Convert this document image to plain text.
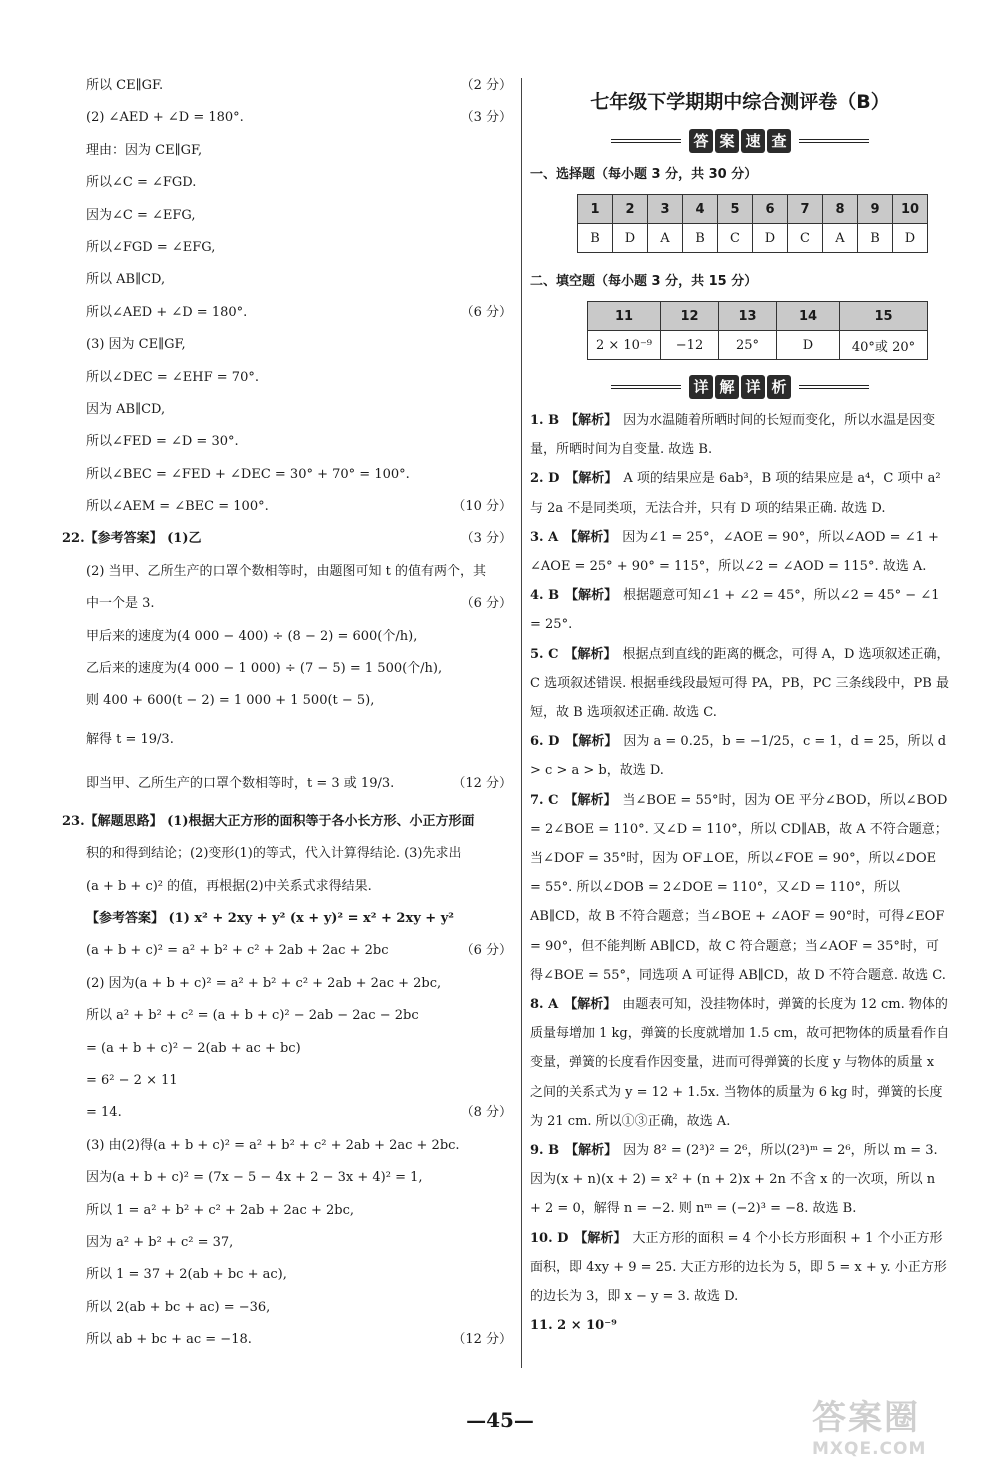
所以 CE∥GF.	（2 分）
(2) ∠AED + ∠D = 180°.	（3 分）
理由：因为 CE∥GF,
所以∠C = ∠FGD.
因为∠C = ∠EFG,
所以∠FGD = ∠EFG,
所以 AB∥CD,
所以∠AED + ∠D = 180°.	（6 分）
(3) 因为 CE∥GF,
所以∠DEC = ∠EHF = 70°.
因为 AB∥CD,
所以∠FED = ∠D = 30°.
所以∠BEC = ∠FED + ∠DEC = 30° + 70° = 100°.
所以∠AEM = ∠BEC = 100°.	（10 分）
22.【参考答案】 (1)乙	（3 分）
(2) 当甲、乙所生产的口罩个数相等时，由题图可知 t 的值有两个，其
中一个是 3.	（6 分）
甲后来的速度为(4 000 − 400) ÷ (8 − 2) = 600(个/h),
乙后来的速度为(4 000 − 1 000) ÷ (7 − 5) = 1 500(个/h),
则 400 + 600(t − 2) = 1 000 + 1 500(t − 5),
解得 t = 19/3.
即当甲、乙所生产的口罩个数相等时，t = 3 或 19/3.	（12 分）
23.【解题思路】 (1)根据大正方形的面积等于各小长方形、小正方形面
积的和得到结论；(2)变形(1)的等式，代入计算得结论. (3)先求出
(a + b + c)² 的值，再根据(2)中关系式求得结果.
【参考答案】 (1) x² + 2xy + y² (x + y)² = x² + 2xy + y²
(a + b + c)² = a² + b² + c² + 2ab + 2ac + 2bc	（6 分）
(2) 因为(a + b + c)² = a² + b² + c² + 2ab + 2ac + 2bc,
所以 a² + b² + c² = (a + b + c)² − 2ab − 2ac − 2bc
= (a + b + c)² − 2(ab + ac + bc)
= 6² − 2 × 11
= 14.	（8 分）
(3) 由(2)得(a + b + c)² = a² + b² + c² + 2ab + 2ac + 2bc.
因为(a + b + c)² = (7x − 5 − 4x + 2 − 3x + 4)² = 1,
所以 1 = a² + b² + c² + 2ab + 2ac + 2bc,
因为 a² + b² + c² = 37,
所以 1 = 37 + 2(ab + bc + ac),
所以 2(ab + bc + ac) = −36,
所以 ab + bc + ac = −18.	（12 分）
七年级下学期期中综合测评卷（B）
答 案 速 查
一、选择题（每小题 3 分，共 30 分）
1	2	3	4	5	6	7	8	9	10
B	D	A	B	C	D	C	A	B	D
二、填空题（每小题 3 分，共 15 分）
11	12	13	14	15
2 × 10⁻⁹	−12	25°	D	40°或 20°
详 解 详 析

1. B 【解析】 因为水温随着所晒时间的长短而变化，所以水温是因变量，所晒时间为自变量. 故选 B.

2. D 【解析】 A 项的结果应是 6ab³，B 项的结果应是 a⁴，C 项中 a² 与 2a 不是同类项，无法合并，只有 D 项的结果正确. 故选 D.

3. A 【解析】 因为∠1 = 25°，∠AOE = 90°，所以∠AOD = ∠1 + ∠AOE = 25° + 90° = 115°，所以∠2 = ∠AOD = 115°. 故选 A.

4. B 【解析】 根据题意可知∠1 + ∠2 = 45°，所以∠2 = 45° − ∠1 = 25°.

5. C 【解析】 根据点到直线的距离的概念，可得 A，D 选项叙述正确，C 选项叙述错误. 根据垂线段最短可得 PA，PB，PC 三条线段中，PB 最短，故 B 选项叙述正确. 故选 C.

6. D 【解析】 因为 a = 0.25，b = −1/25，c = 1，d = 25，所以 d > c > a > b，故选 D.

7. C 【解析】 当∠BOE = 55°时，因为 OE 平分∠BOD，所以∠BOD = 2∠BOE = 110°. 又∠D = 110°，所以 CD∥AB，故 A 不符合题意；当∠DOF = 35°时，因为 OF⊥OE，所以∠FOE = 90°，所以∠DOE = 55°. 所以∠DOB = 2∠DOE = 110°，又∠D = 110°，所以 AB∥CD，故 B 不符合题意；当∠BOE + ∠AOF = 90°时，可得∠EOF = 90°，但不能判断 AB∥CD，故 C 符合题意；当∠AOF = 35°时，可得∠BOE = 55°，同选项 A 可证得 AB∥CD，故 D 不符合题意. 故选 C.

8. A 【解析】 由题表可知，没挂物体时，弹簧的长度为 12 cm. 物体的质量每增加 1 kg，弹簧的长度就增加 1.5 cm，故可把物体的质量看作自变量，弹簧的长度看作因变量，进而可得弹簧的长度 y 与物体的质量 x 之间的关系式为 y = 12 + 1.5x. 当物体的质量为 6 kg 时，弹簧的长度为 21 cm. 所以①③正确，故选 A.

9. B 【解析】 因为 8² = (2³)² = 2⁶，所以(2³)ᵐ = 2⁶，所以 m = 3. 因为(x + n)(x + 2) = x² + (n + 2)x + 2n 不含 x 的一次项，所以 n + 2 = 0，解得 n = −2. 则 nᵐ = (−2)³ = −8. 故选 B.

10. D 【解析】 大正方形的面积 = 4 个小长方形面积 + 1 个小正方形面积，即 4xy + 9 = 25. 大正方形的边长为 5，即 5 = x + y. 小正方形的边长为 3，即 x − y = 3. 故选 D.

11. 2 × 10⁻⁹

—45—	答案圈
MXQE.COM
